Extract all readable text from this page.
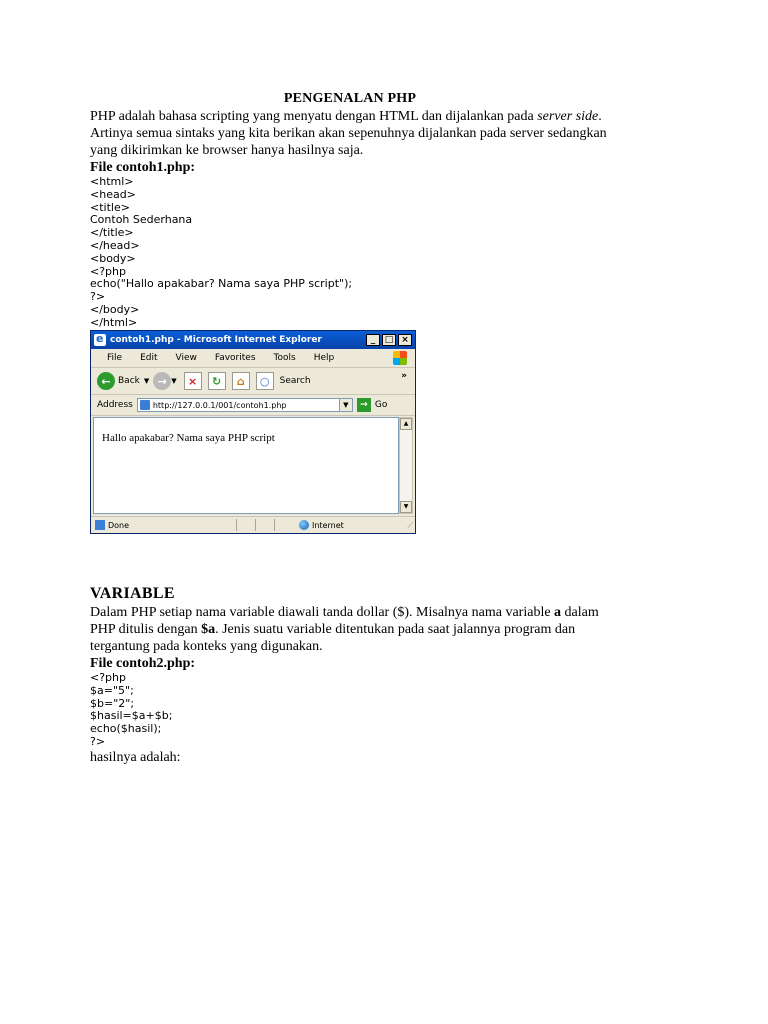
PENGENALAN PHP

PHP adalah bahasa scripting yang menyatu dengan HTML dan dijalankan pada server side. Artinya semua sintaks yang kita berikan akan sepenuhnya dijalankan pada server sedangkan yang dikirimkan ke browser hanya hasilnya saja.

File contoh1.php:

<html>
<head>
<title>
Contoh Sederhana
</title>
</head>
<body>
<?php
echo("Hallo apakabar? Nama saya PHP script");
?>
</body>
</html>
e
contoh1.php - Microsoft Internet Explorer	_	□ ×
File Edit View Favorites Tools Help
← Back ▼ → ▼	×	↻	⌂	○	Search	»
Address	http://127.0.0.1/001/contoh1.php	▼	→ Go
Hallo apakabar? Nama saya PHP script
▲
▼
Done	Internet	⟋

VARIABLE

Dalam PHP setiap nama variable diawali tanda dollar ($). Misalnya nama variable a dalam PHP ditulis dengan $a. Jenis suatu variable ditentukan pada saat jalannya program dan tergantung pada konteks yang digunakan.

File contoh2.php:

<?php
$a="5";
$b="2";
$hasil=$a+$b;
echo($hasil);
?>

hasilnya adalah:
